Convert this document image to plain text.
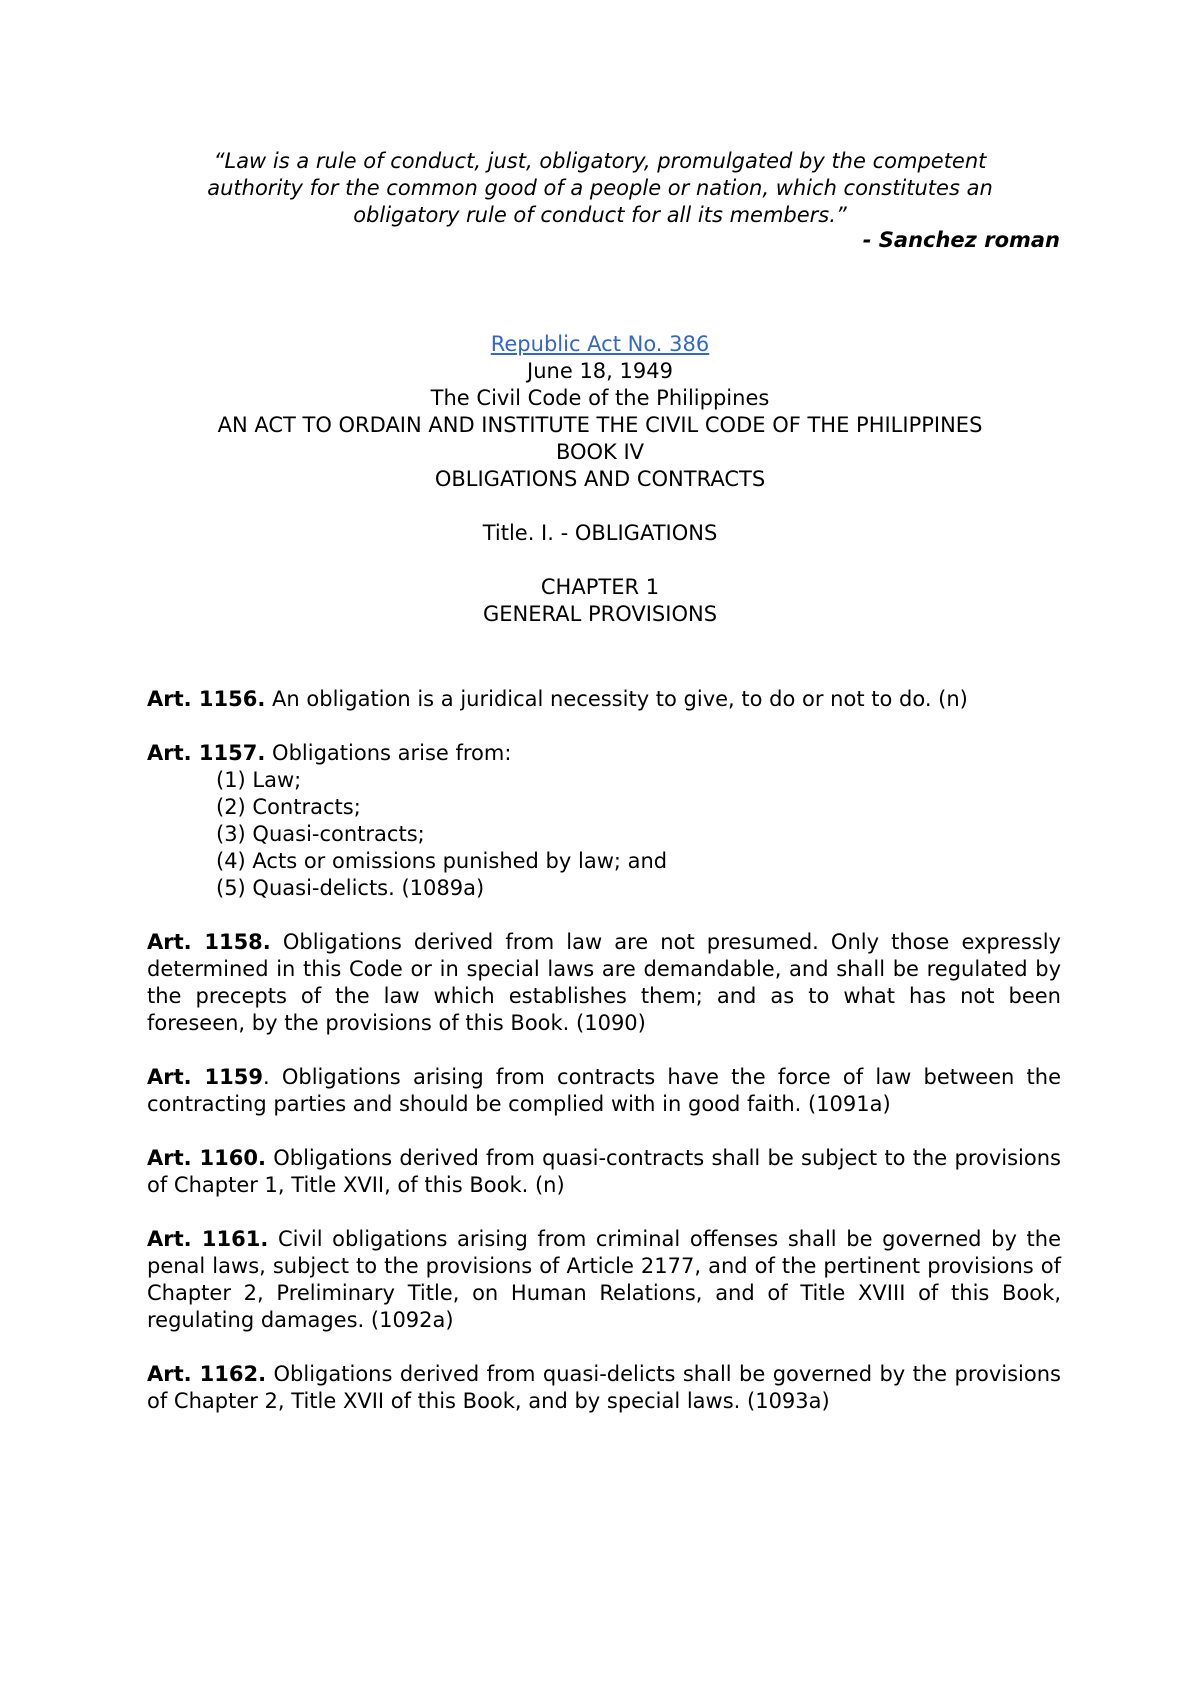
“Law is a rule of conduct, just, obligatory, promulgated by the competent authority for the common good of a people or nation, which constitutes an obligatory rule of conduct for all its members.”
- Sanchez roman
Republic Act No. 386
June 18, 1949
The Civil Code of the Philippines
AN ACT TO ORDAIN AND INSTITUTE THE CIVIL CODE OF THE PHILIPPINES
BOOK IV
OBLIGATIONS AND CONTRACTS
Title. I. - OBLIGATIONS
CHAPTER 1
GENERAL PROVISIONS

Art. 1156. An obligation is a juridical necessity to give, to do or not to do. (n)

Art. 1157. Obligations arise from:
(1) Law;
(2) Contracts;
(3) Quasi-contracts;
(4) Acts or omissions punished by law; and
(5) Quasi-delicts. (1089a)

Art. 1158. Obligations derived from law are not presumed. Only those expressly determined in this Code or in special laws are demandable, and shall be regulated by the precepts of the law which establishes them; and as to what has not been foreseen, by the provisions of this Book. (1090)

Art. 1159. Obligations arising from contracts have the force of law between the contracting parties and should be complied with in good faith. (1091a)

Art. 1160. Obligations derived from quasi-contracts shall be subject to the provisions of Chapter 1, Title XVII, of this Book. (n)

Art. 1161. Civil obligations arising from criminal offenses shall be governed by the penal laws, subject to the provisions of Article 2177, and of the pertinent provisions of Chapter 2, Preliminary Title, on Human Relations, and of Title XVIII of this Book, regulating damages. (1092a)

Art. 1162. Obligations derived from quasi-delicts shall be governed by the provisions of Chapter 2, Title XVII of this Book, and by special laws. (1093a)
